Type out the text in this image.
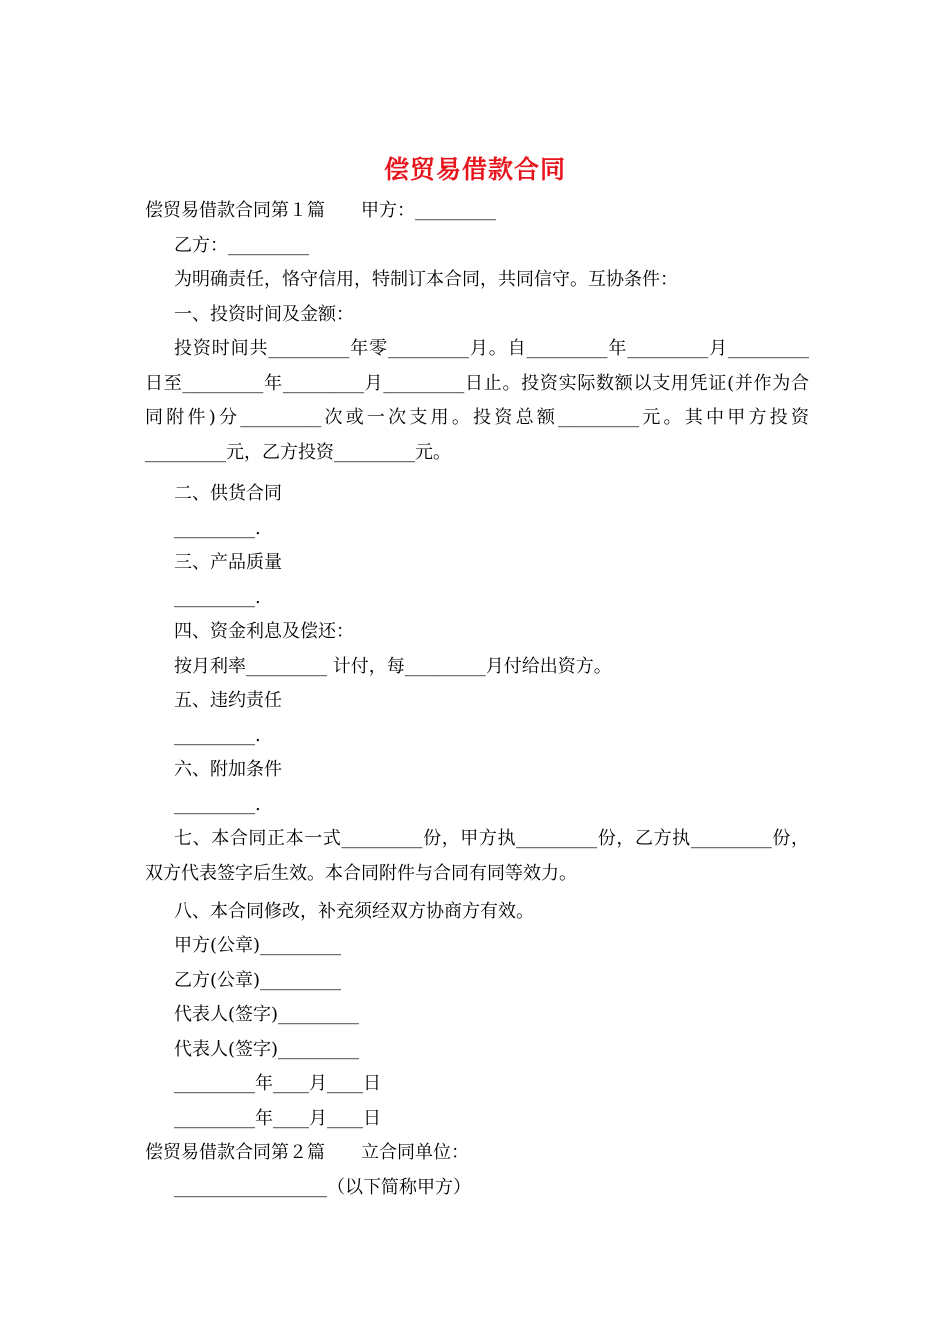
偿贸易借款合同
偿贸易借款合同第１篇　　甲方：_________
乙方：_________
为明确责任，恪守信用，特制订本合同，共同信守。互协条件：
一、投资时间及金额：
投资时间共_________年零_________月。自_________年_________月_________日至_________年_________月_________日止。投资实际数额以支用凭证(并作为合同附件)分_________次或一次支用。投资总额_________元。其中甲方投资_________元，乙方投资_________元。
二、供货合同
_________.
三、产品质量
_________.
四、资金利息及偿还：
按月利率_________ 计付，每_________月付给出资方。
五、违约责任
_________.
六、附加条件
_________.
七、本合同正本一式_________份，甲方执_________份，乙方执_________份，双方代表签字后生效。本合同附件与合同有同等效力。
八、本合同修改，补充须经双方协商方有效。
甲方(公章)_________
乙方(公章)_________
代表人(签字)_________
代表人(签字)_________
_________年____月____日
_________年____月____日
偿贸易借款合同第２篇　　立合同单位：
_________________（以下简称甲方）
